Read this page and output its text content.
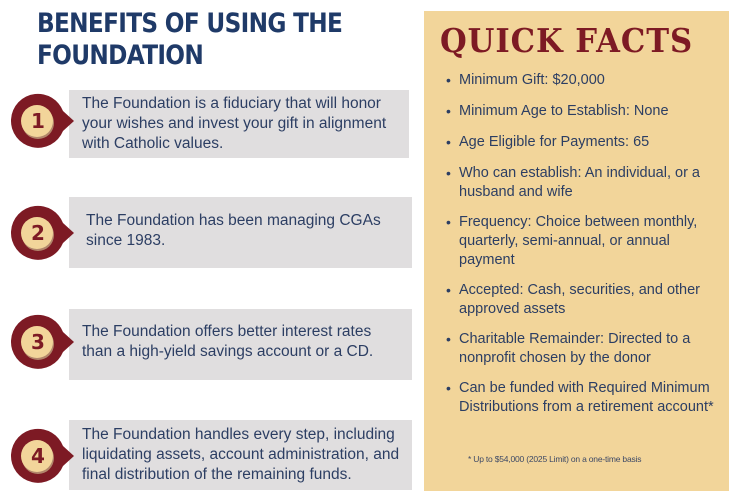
BENEFITS OF USING THE FOUNDATION
The Foundation is a fiduciary that will honor your wishes and invest your gift in alignment with Catholic values.
1
The Foundation has been managing CGAs since 1983.
2
The Foundation offers better interest rates than a high-yield savings account or a CD.
3
The Foundation handles every step, including liquidating assets, account administration, and final distribution of the remaining funds.
4
QUICK FACTS
• Minimum Gift: $20,000
• Minimum Age to Establish: None
• Age Eligible for Payments: 65
• Who can establish: An individual, or a husband and wife
• Frequency: Choice between monthly, quarterly, semi-annual, or annual payment
• Accepted: Cash, securities, and other approved assets
• Charitable Remainder: Directed to a nonprofit chosen by the donor
• Can be funded with Required Minimum Distributions from a retirement account*
* Up to $54,000 (2025 Limit) on a one-time basis
